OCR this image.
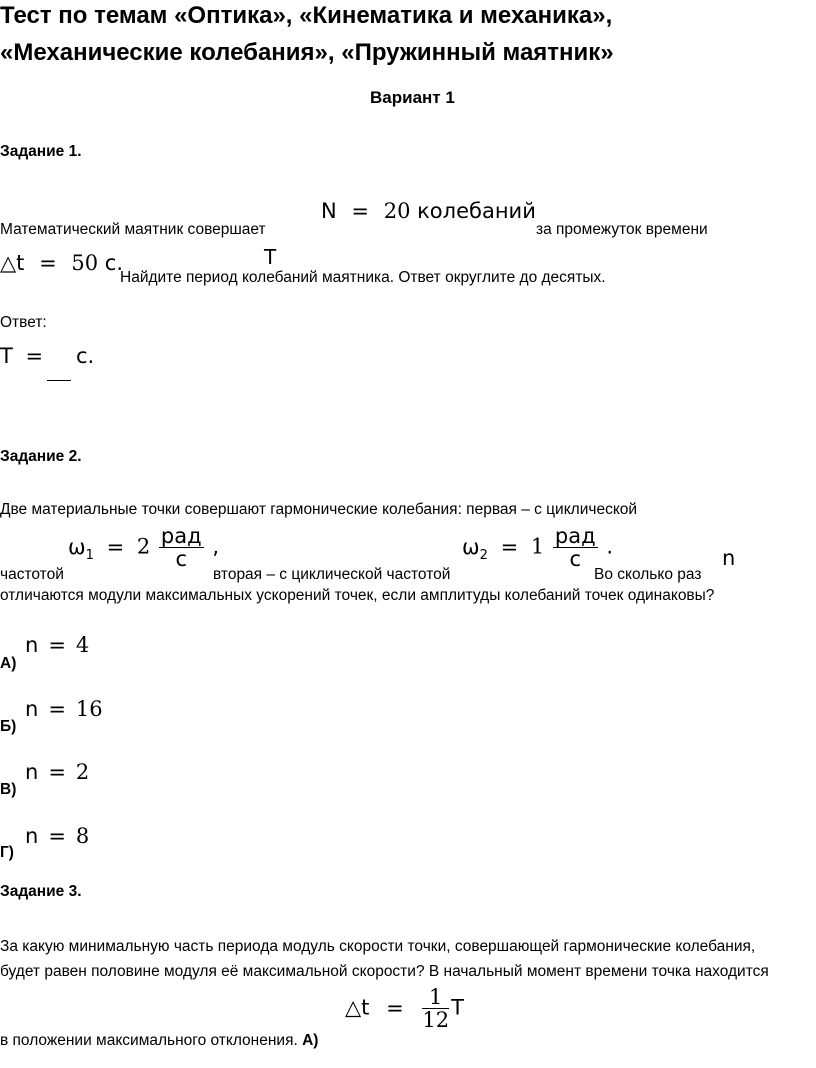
Тест по темам «Оптика», «Кинематика и механика»,
«Механические колебания», «Пружинный маятник»
Вариант 1
Задание 1.
N = 20 колебаний
Математический маятник совершает	за промежуток времени
△t = 50 с.	T
Найдите период колебаний маятника. Ответ округлите до десятых.
Ответ:
T = с.
Задание 2.
Две материальные точки совершают гармонические колебания: первая – с циклической
$\omega_1 = 2 \frac{\text{рад}}{с}$ ,	$\omega_2 = 1 \frac{\text{рад}}{с}$ .
частотой	вторая – с циклической частотой	Во сколько раз
n
отличаются модули максимальных ускорений точек, если амплитуды колебаний точек одинаковы?
А)
n = 4
Б)
n = 16
В)
n = 2
Г)
n = 8
Задание 3.
За какую минимальную часть периода модуль скорости точки, совершающей гармонические колебания,
будет равен половине модуля её максимальной скорости? В начальный момент времени точка находится
△t = $\frac{1}{12}$ T
в положении максимального отклонения. А)
